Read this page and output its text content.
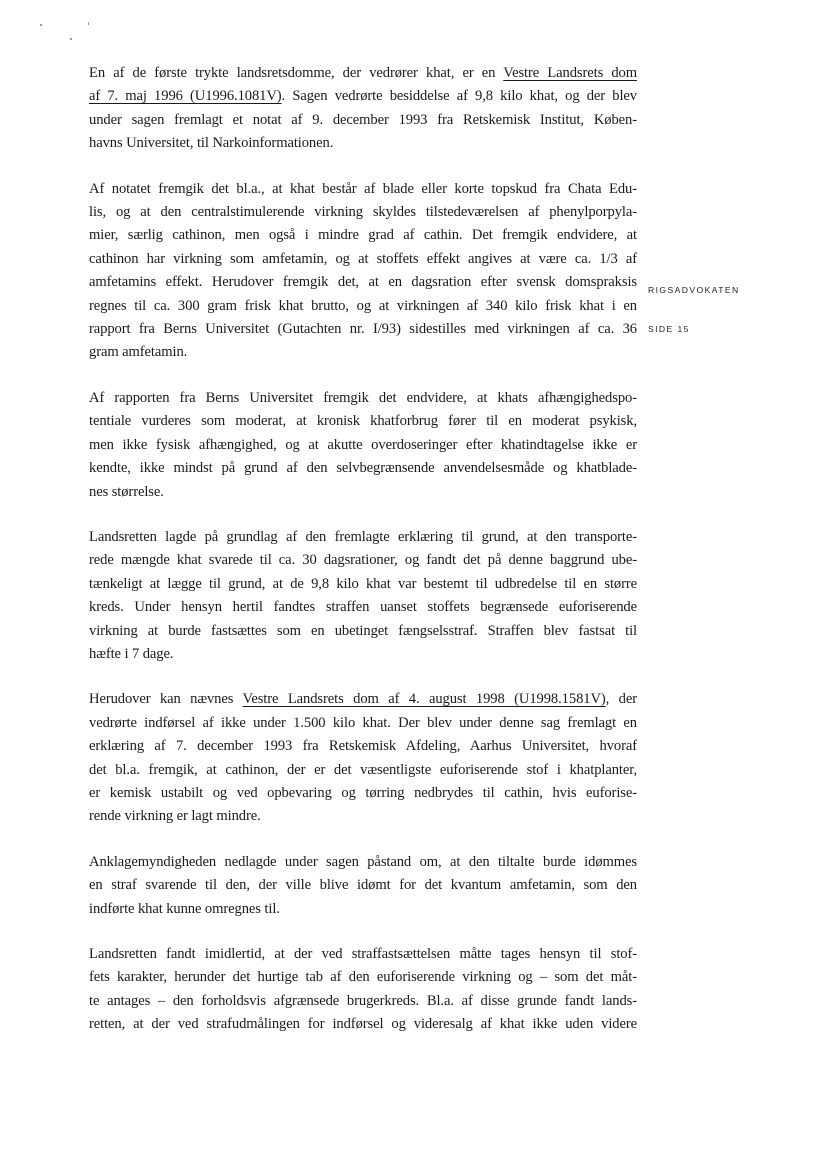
RIGSADVOKATEN
SIDE 15
En af de første trykte landsretsdomme, der vedrører khat, er en Vestre Landsrets dom
af 7. maj 1996 (U1996.1081V). Sagen vedrørte besiddelse af 9,8 kilo khat, og der blev
under sagen fremlagt et notat af 9. december 1993 fra Retskemisk Institut, Køben-
havns Universitet, til Narkoinformationen.
Af notatet fremgik det bl.a., at khat består af blade eller korte topskud fra Chata Edu-
lis, og at den centralstimulerende virkning skyldes tilstedeværelsen af phenylporpyla-
mier, særlig cathinon, men også i mindre grad af cathin. Det fremgik endvidere, at
cathinon har virkning som amfetamin, og at stoffets effekt angives at være ca. 1/3 af
amfetamins effekt. Herudover fremgik det, at en dagsration efter svensk domspraksis
regnes til ca. 300 gram frisk khat brutto, og at virkningen af 340 kilo frisk khat i en
rapport fra Berns Universitet (Gutachten nr. I/93) sidestilles med virkningen af ca. 36
gram amfetamin.
Af rapporten fra Berns Universitet fremgik det endvidere, at khats afhængighedspo-
tentiale vurderes som moderat, at kronisk khatforbrug fører til en moderat psykisk,
men ikke fysisk afhængighed, og at akutte overdoseringer efter khatindtagelse ikke er
kendte, ikke mindst på grund af den selvbegrænsende anvendelsesmåde og khatblade-
nes størrelse.
Landsretten lagde på grundlag af den fremlagte erklæring til grund, at den transporte-
rede mængde khat svarede til ca. 30 dagsrationer, og fandt det på denne baggrund ube-
tænkeligt at lægge til grund, at de 9,8 kilo khat var bestemt til udbredelse til en større
kreds. Under hensyn hertil fandtes straffen uanset stoffets begrænsede euforiserende
virkning at burde fastsættes som en ubetinget fængselsstraf. Straffen blev fastsat til
hæfte i 7 dage.
Herudover kan nævnes Vestre Landsrets dom af 4. august 1998 (U1998.1581V), der
vedrørte indførsel af ikke under 1.500 kilo khat. Der blev under denne sag fremlagt en
erklæring af 7. december 1993 fra Retskemisk Afdeling, Aarhus Universitet, hvoraf
det bl.a. fremgik, at cathinon, der er det væsentligste euforiserende stof i khatplanter,
er kemisk ustabilt og ved opbevaring og tørring nedbrydes til cathin, hvis euforise-
rende virkning er lagt mindre.
Anklagemyndigheden nedlagde under sagen påstand om, at den tiltalte burde idømmes
en straf svarende til den, der ville blive idømt for det kvantum amfetamin, som den
indførte khat kunne omregnes til.
Landsretten fandt imidlertid, at der ved straffastsættelsen måtte tages hensyn til stof-
fets karakter, herunder det hurtige tab af den euforiserende virkning og – som det måt-
te antages – den forholdsvis afgrænsede brugerkreds. Bl.a. af disse grunde fandt lands-
retten, at der ved strafudmålingen for indførsel og videresalg af khat ikke uden videre
